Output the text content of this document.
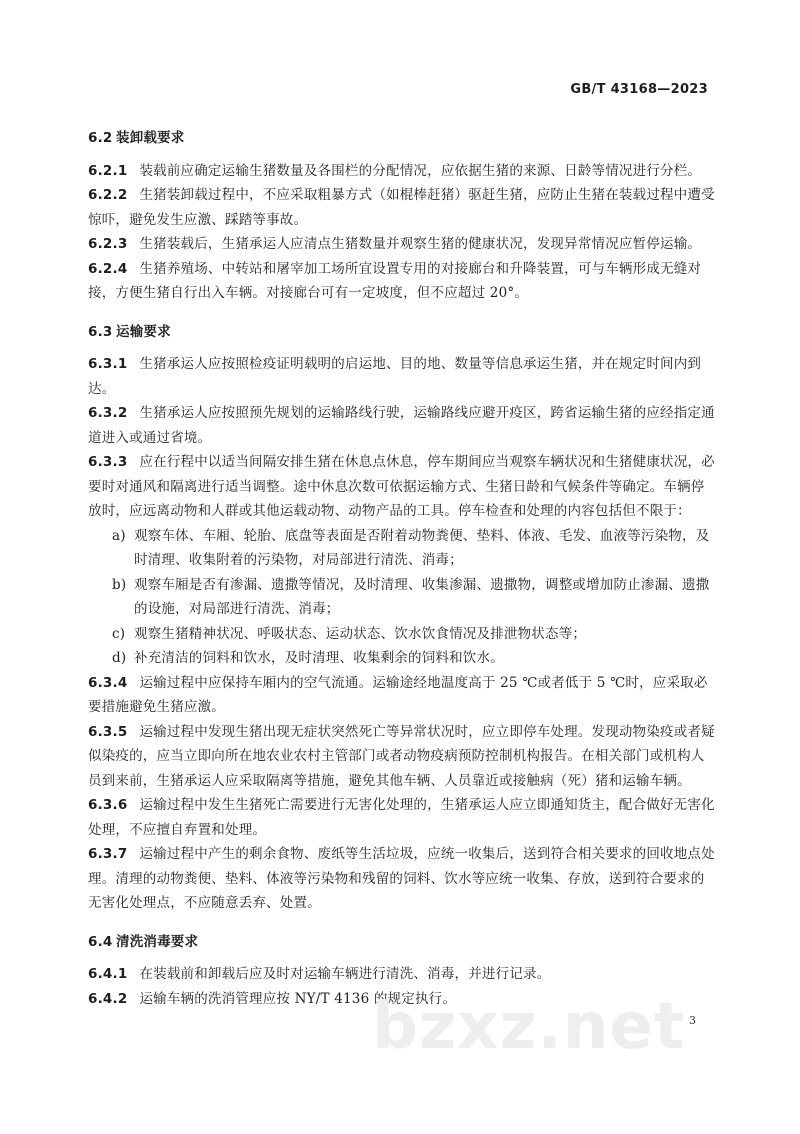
GB/T 43168—2023
6.2 装卸载要求

6.2.1 装载前应确定运输生猪数量及各围栏的分配情况，应依据生猪的来源、日龄等情况进行分栏。

6.2.2 生猪装卸载过程中，不应采取粗暴方式（如棍棒赶猪）驱赶生猪，应防止生猪在装载过程中遭受惊吓，避免发生应激、踩踏等事故。

6.2.3 生猪装载后，生猪承运人应清点生猪数量并观察生猪的健康状况，发现异常情况应暂停运输。

6.2.4 生猪养殖场、中转站和屠宰加工场所宜设置专用的对接廊台和升降装置，可与车辆形成无缝对接，方便生猪自行出入车辆。对接廊台可有一定坡度，但不应超过 20°。

6.3 运输要求

6.3.1 生猪承运人应按照检疫证明载明的启运地、目的地、数量等信息承运生猪，并在规定时间内到达。

6.3.2 生猪承运人应按照预先规划的运输路线行驶，运输路线应避开疫区，跨省运输生猪的应经指定通道进入或通过省境。

6.3.3 应在行程中以适当间隔安排生猪在休息点休息，停车期间应当观察车辆状况和生猪健康状况，必要时对通风和隔离进行适当调整。途中休息次数可依据运输方式、生猪日龄和气候条件等确定。车辆停放时，应远离动物和人群或其他运载动物、动物产品的工具。停车检查和处理的内容包括但不限于：

a) 观察车体、车厢、轮胎、底盘等表面是否附着动物粪便、垫料、体液、毛发、血液等污染物，及时清理、收集附着的污染物，对局部进行清洗、消毒；

b) 观察车厢是否有渗漏、遗撒等情况，及时清理、收集渗漏、遗撒物，调整或增加防止渗漏、遗撒的设施，对局部进行清洗、消毒；

c) 观察生猪精神状况、呼吸状态、运动状态、饮水饮食情况及排泄物状态等；

d) 补充清洁的饲料和饮水，及时清理、收集剩余的饲料和饮水。

6.3.4 运输过程中应保持车厢内的空气流通。运输途经地温度高于 25 ℃或者低于 5 ℃时，应采取必要措施避免生猪应激。

6.3.5 运输过程中发现生猪出现无症状突然死亡等异常状况时，应立即停车处理。发现动物染疫或者疑似染疫的，应当立即向所在地农业农村主管部门或者动物疫病预防控制机构报告。在相关部门或机构人员到来前，生猪承运人应采取隔离等措施，避免其他车辆、人员靠近或接触病（死）猪和运输车辆。

6.3.6 运输过程中发生生猪死亡需要进行无害化处理的，生猪承运人应立即通知货主，配合做好无害化处理，不应擅自弃置和处理。

6.3.7 运输过程中产生的剩余食物、废纸等生活垃圾，应统一收集后，送到符合相关要求的回收地点处理。清理的动物粪便、垫料、体液等污染物和残留的饲料、饮水等应统一收集、存放，送到符合要求的无害化处理点，不应随意丢弃、处置。

6.4 清洗消毒要求

6.4.1 在装载前和卸载后应及时对运输车辆进行清洗、消毒，并进行记录。

6.4.2 运输车辆的洗消管理应按 NY/T 4136 的规定执行。

bzxz.net 3
